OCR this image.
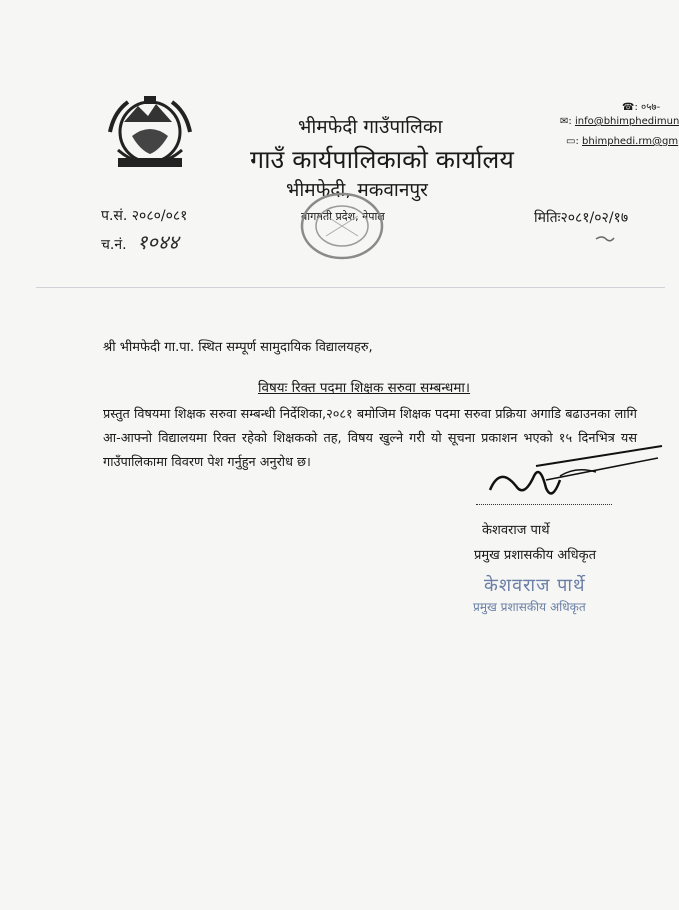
भीमफेदी गाउँपालिका
गाउँ कार्यपालिकाको कार्यालय
भीमफेदी, मकवानपुर
बागमती प्रदेश, नेपाल
☎: ०५७-
✉: info@bhimphedimun
▭: bhimphedi.rm@gm
प.सं. २०८०/०८१
च.नं. १०४४
मितिः२०८१/०२/१७
श्री भीमफेदी गा.पा. स्थित सम्पूर्ण सामुदायिक विद्यालयहरु,
विषयः रिक्त पदमा शिक्षक सरुवा सम्बन्धमा।
प्रस्तुत विषयमा शिक्षक सरुवा सम्बन्धी निर्देशिका,२०८१ बमोजिम शिक्षक पदमा सरुवा प्रक्रिया अगाडि बढाउनका लागि आ-आफ्नो विद्यालयमा रिक्त रहेको शिक्षकको तह, विषय खुल्ने गरी यो सूचना प्रकाशन भएको १५ दिनभित्र यस गाउँपालिकामा विवरण पेश गर्नुहुन अनुरोध छ।
केशवराज पार्थे
प्रमुख प्रशासकीय अधिकृत
केशवराज पार्थे
प्रमुख प्रशासकीय अधिकृत
